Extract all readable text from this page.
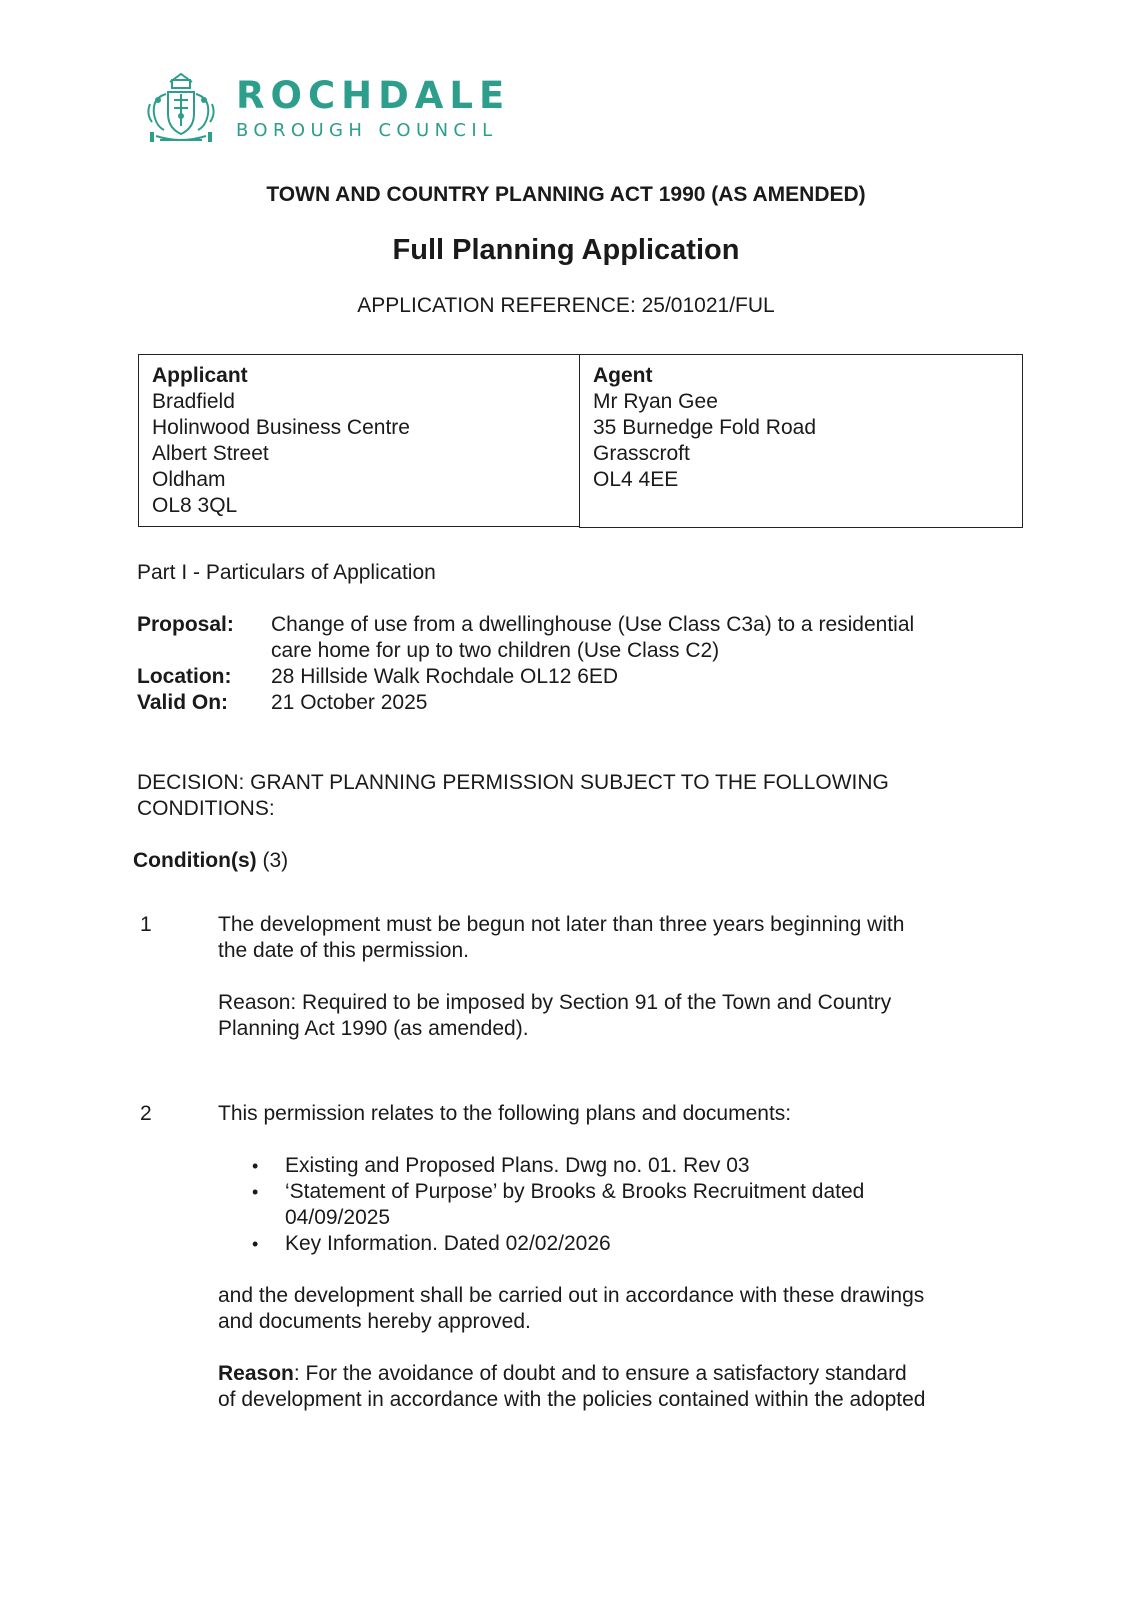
ROCHDALE
BOROUGH COUNCIL
TOWN AND COUNTRY PLANNING ACT 1990 (AS AMENDED)
Full Planning Application
APPLICATION REFERENCE: 25/01021/FUL
Applicant
Bradfield
Holinwood Business Centre
Albert Street
Oldham
OL8 3QL
Agent
Mr Ryan Gee
35 Burnedge Fold Road
Grasscroft
OL4 4EE
Part I - Particulars of Application
Proposal: Change of use from a dwellinghouse (Use Class C3a) to a residential
care home for up to two children (Use Class C2)
Location: 28 Hillside Walk Rochdale OL12 6ED
Valid On: 21 October 2025
DECISION: GRANT PLANNING PERMISSION SUBJECT TO THE FOLLOWING
CONDITIONS:
Condition(s) (3)
1	The development must be begun not later than three years beginning with
the date of this permission.
Reason: Required to be imposed by Section 91 of the Town and Country
Planning Act 1990 (as amended).
2	This permission relates to the following plans and documents:
• Existing and Proposed Plans. Dwg no. 01. Rev 03
• ‘Statement of Purpose’ by Brooks & Brooks Recruitment dated
04/09/2025
• Key Information. Dated 02/02/2026
and the development shall be carried out in accordance with these drawings
and documents hereby approved.
Reason: For the avoidance of doubt and to ensure a satisfactory standard
of development in accordance with the policies contained within the adopted
